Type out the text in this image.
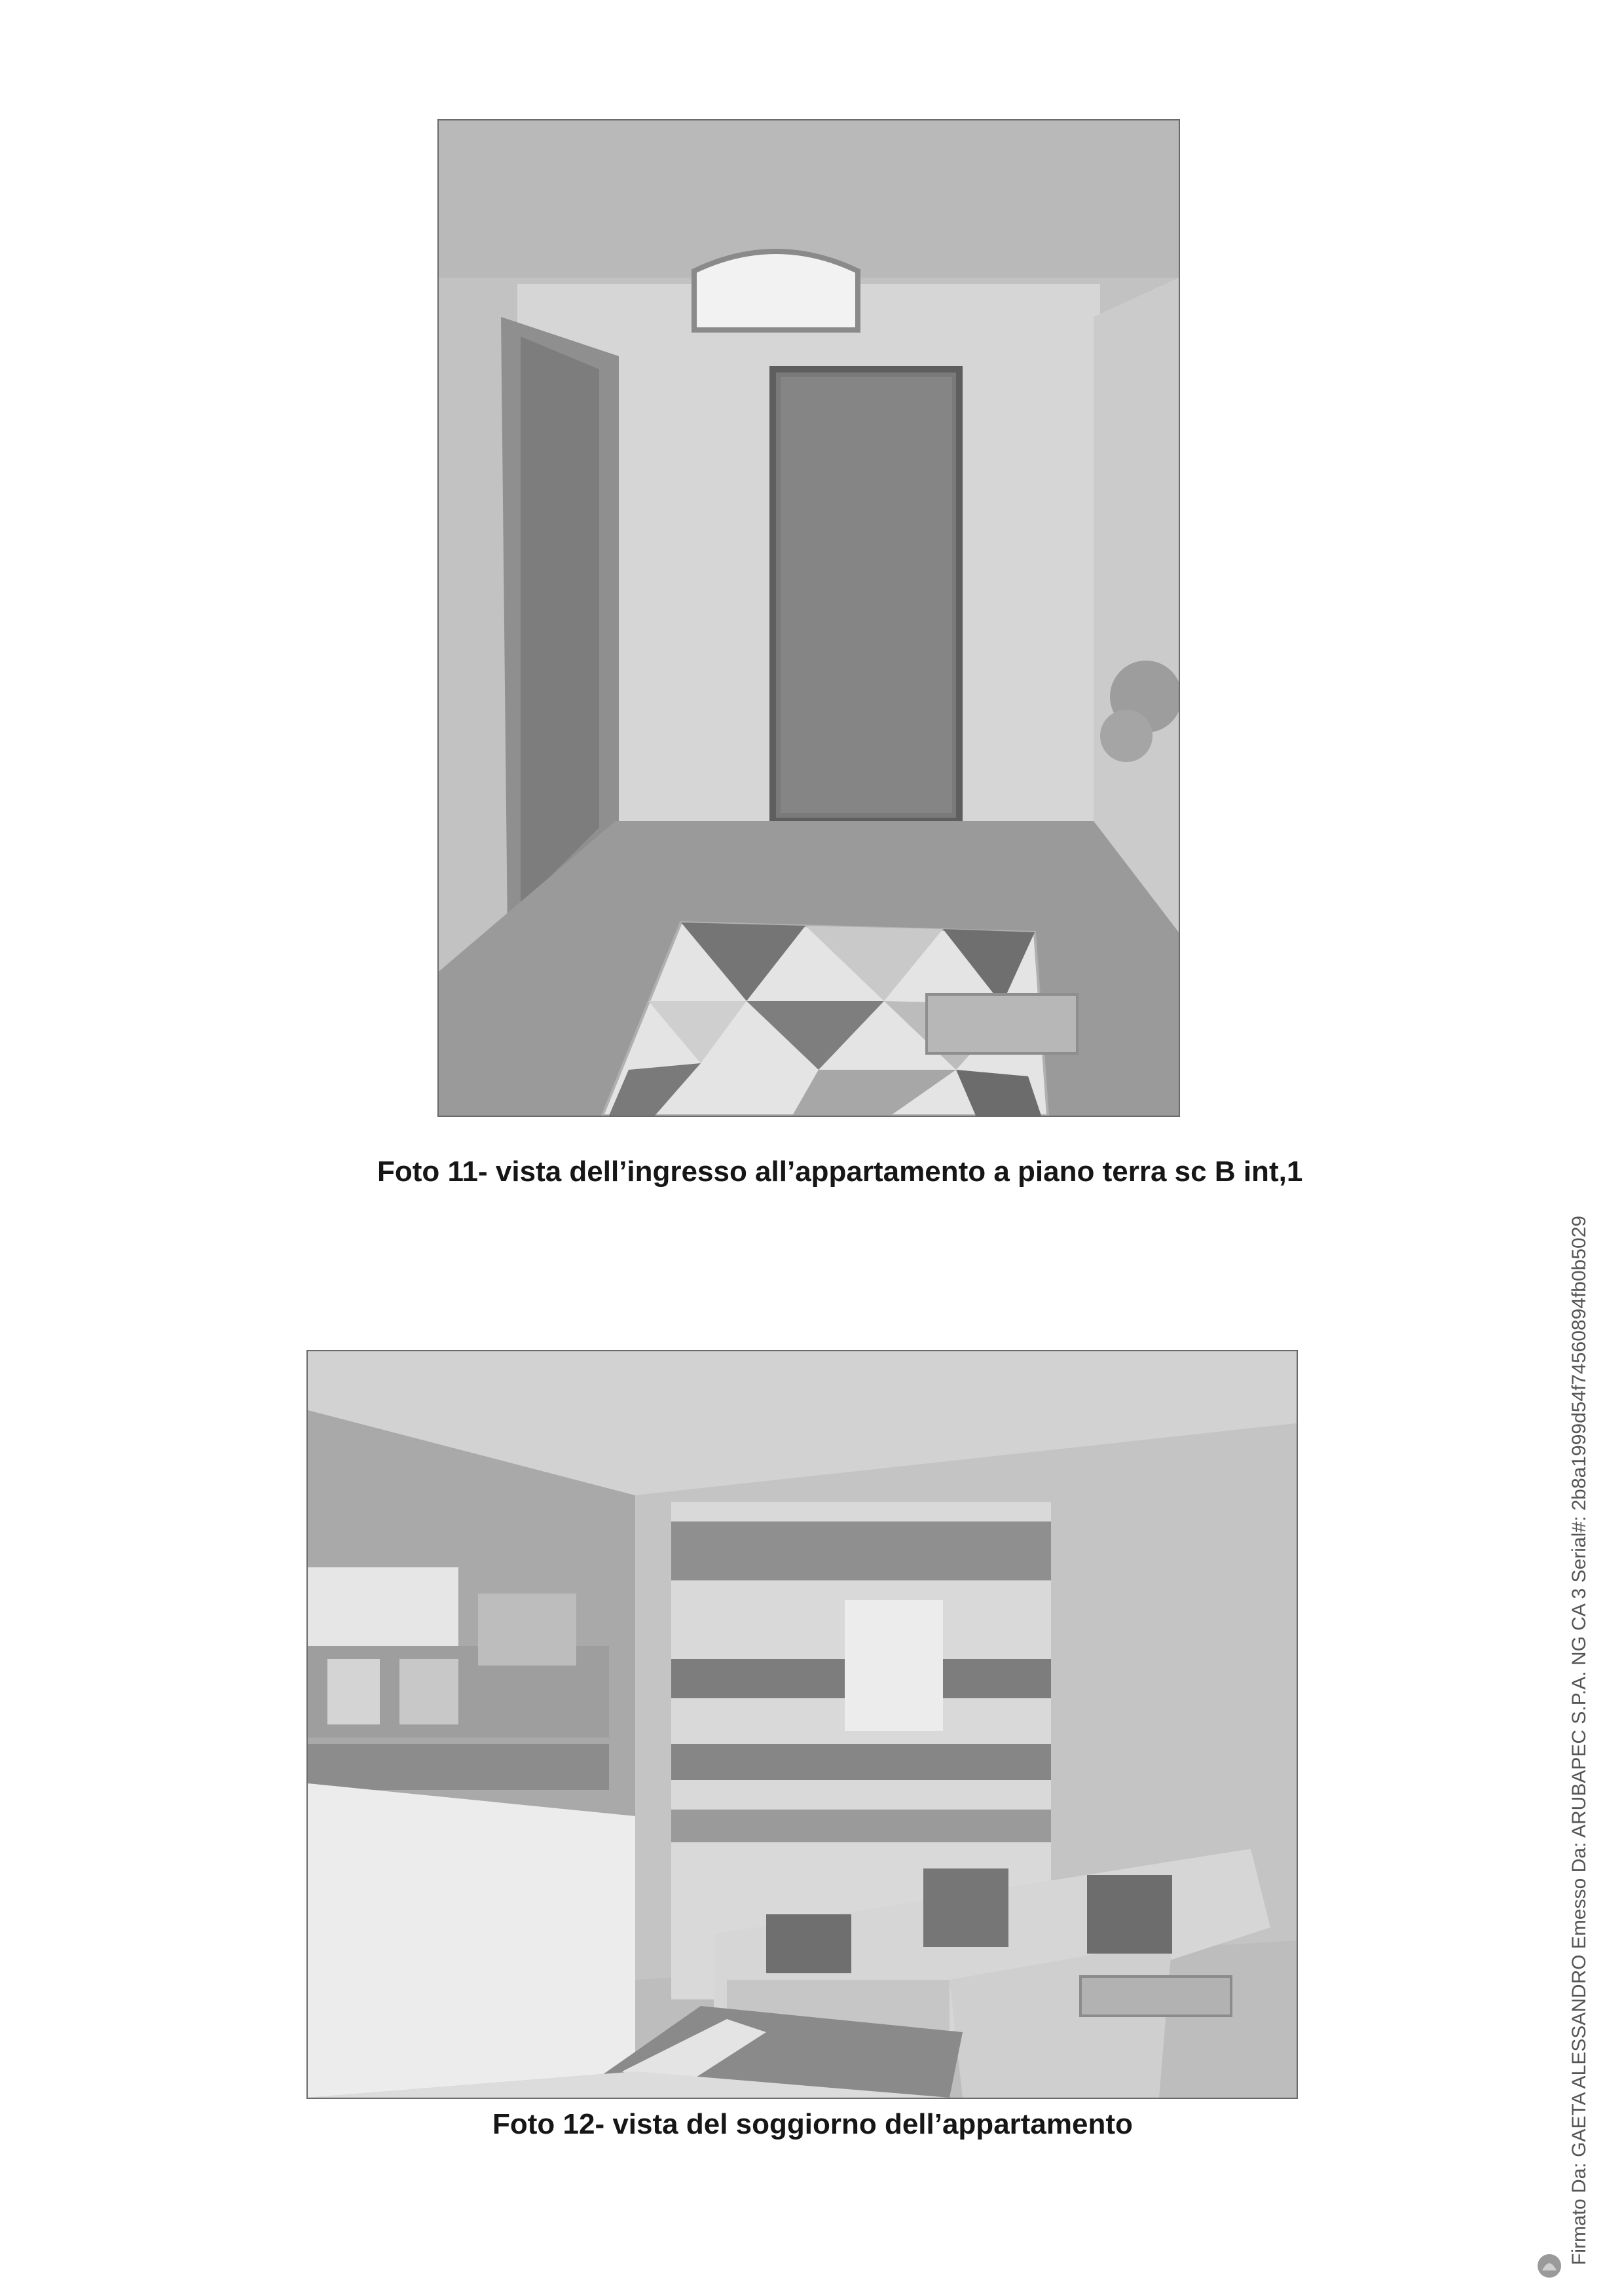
Foto 11- vista dell’ingresso all’appartamento a piano terra sc B int,1

Foto 12- vista del soggiorno dell’appartamento	Firmato Da: GAETA ALESSANDRO Emesso Da: ARUBAPEC S.P.A. NG CA 3 Serial#: 2b8a1999d54f74560894fb0b5029
